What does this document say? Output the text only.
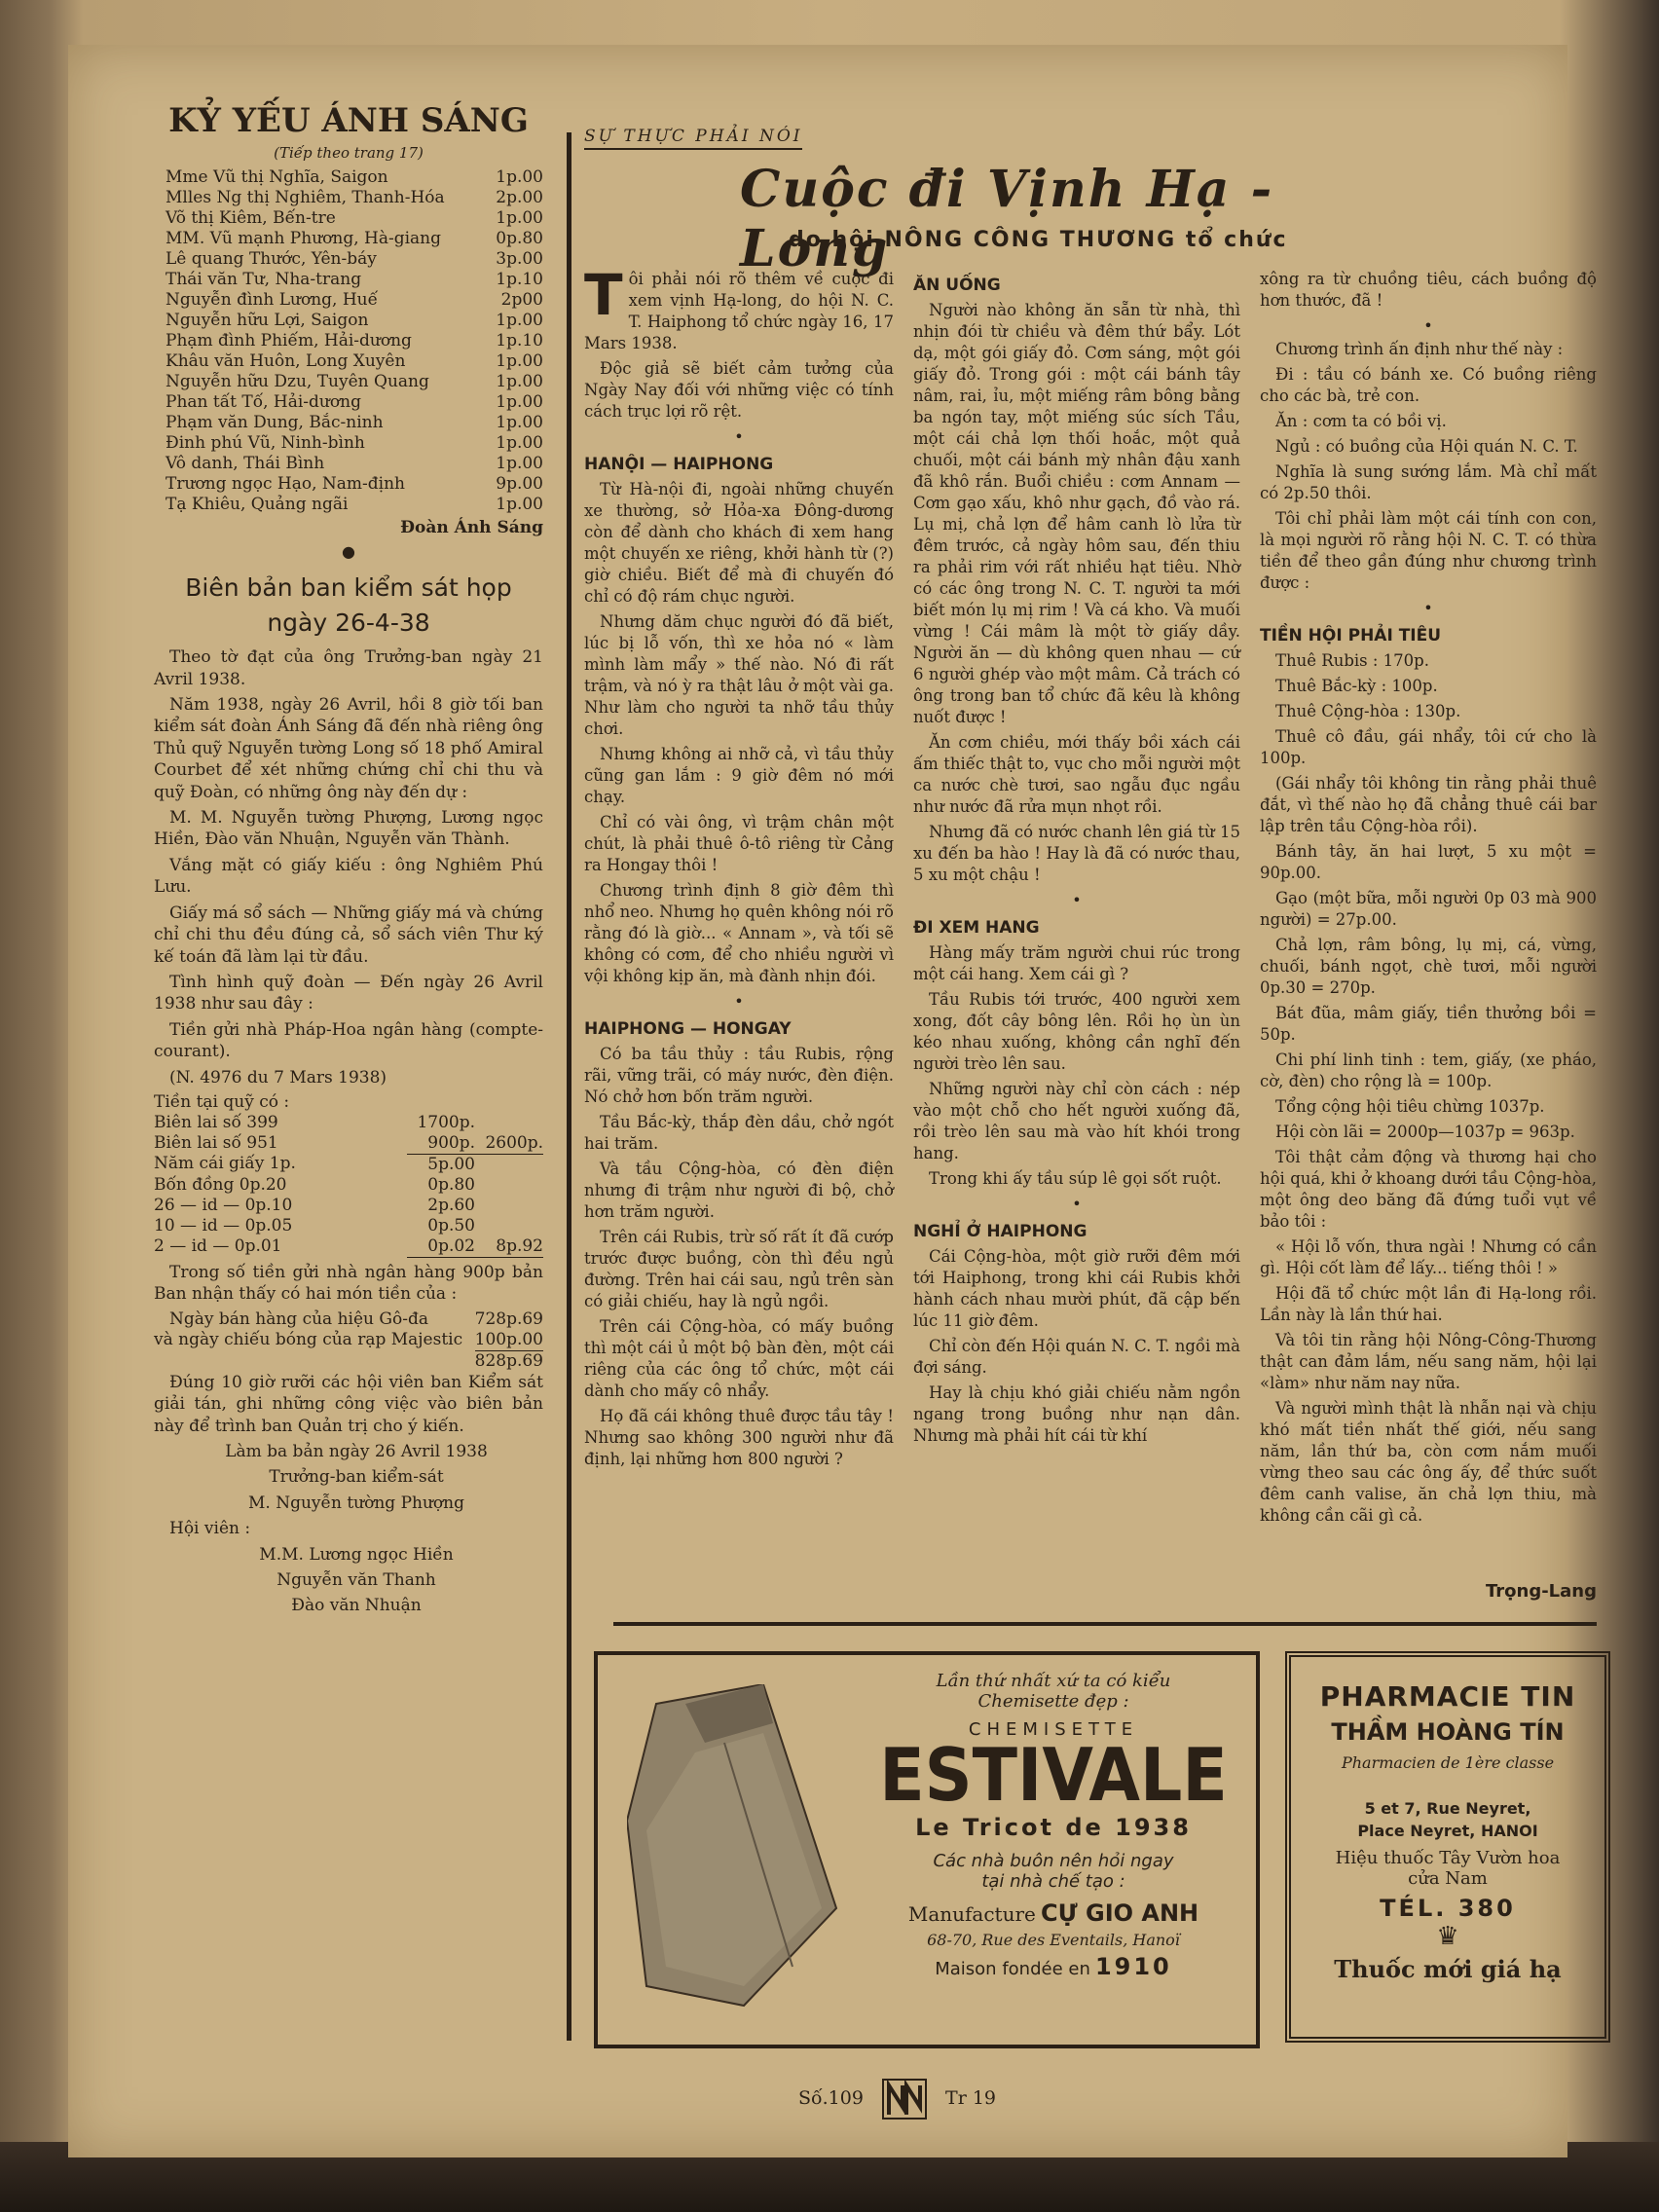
KỶ YẾU ÁNH SÁNG
(Tiếp theo trang 17)
Mme Vũ thị Nghĩa, Saigon	1p.00
Mlles Ng thị Nghiêm, Thanh-Hóa	2p.00
Võ thị Kiêm, Bến-tre	1p.00
MM. Vũ mạnh Phương, Hà-giang	0p.80
Lê quang Thước, Yên-báy	3p.00
Thái văn Tư, Nha-trang	1p.10
Nguyễn đình Lương, Huế	2p00
Nguyễn hữu Lợi, Saigon	1p.00
Phạm đình Phiếm, Hải-dương	1p.10
Khâu văn Huôn, Long Xuyên	1p.00
Nguyễn hữu Dzu, Tuyên Quang	1p.00
Phan tất Tố, Hải-dương	1p.00
Phạm văn Dung, Bắc-ninh	1p.00
Đinh phú Vũ, Ninh-bình	1p.00
Vô danh, Thái Bình	1p.00
Trương ngọc Hạo, Nam-định	9p.00
Tạ Khiêu, Quảng ngãi	1p.00
Đoàn Ánh Sáng
●
Biên bản ban kiểm sát họp ngày 26-4-38

Theo tờ đạt của ông Trưởng-ban ngày 21 Avril 1938.

Năm 1938, ngày 26 Avril, hồi 8 giờ tối ban kiểm sát đoàn Ánh Sáng đã đến nhà riêng ông Thủ quỹ Nguyễn tường Long số 18 phố Amiral Courbet để xét những chứng chỉ chi thu và quỹ Đoàn, có những ông này đến dự :

M. M. Nguyễn tường Phượng, Lương ngọc Hiền, Đào văn Nhuận, Nguyễn văn Thành.

Vắng mặt có giấy kiếu : ông Nghiêm Phú Lưu.

Giấy má sổ sách — Những giấy má và chứng chỉ chi thu đều đúng cả, sổ sách viên Thư ký kế toán đã làm lại từ đầu.

Tình hình quỹ đoàn — Đến ngày 26 Avril 1938 như sau đây :

Tiền gửi nhà Pháp-Hoa ngân hàng (compte-courant).

(N. 4976 du 7 Mars 1938)

Tiền tại quỹ có :		
Biên lai số 399	1700p.	
Biên lai số 951	900p.	2600p.
Năm cái giấy 1p.	5p.00	
Bốn đồng 0p.20	0p.80	
26 — id — 0p.10	2p.60	
10 — id — 0p.05	0p.50	
2 — id — 0p.01	0p.02	8p.92

Trong số tiền gửi nhà ngân hàng 900p bản Ban nhận thấy có hai món tiền của :

Ngày bán hàng của hiệu Gô-đa	728p.69
và ngày chiếu bóng của rạp Majestic	100p.00
	828p.69

Đúng 10 giờ rưỡi các hội viên ban Kiểm sát giải tán, ghi những công việc vào biên bản này để trình ban Quản trị cho ý kiến.

Làm ba bản ngày 26 Avril 1938

Trưởng-ban kiểm-sát

M. Nguyễn tường Phượng

Hội viên :

M.M. Lương ngọc Hiền

Nguyễn văn Thanh

Đào văn Nhuận

SỰ THỰC PHẢI NÓI
Cuộc đi Vịnh Hạ - Long
do hội NÔNG CÔNG THƯƠNG tổ chức

Tôi phải nói rõ thêm về cuộc đi xem vịnh Hạ-long, do hội N. C. T. Haiphong tổ chức ngày 16, 17 Mars 1938.

Độc giả sẽ biết cảm tưởng của Ngày Nay đối với những việc có tính cách trục lợi rõ rệt.

•
HANỘI — HAIPHONG

Từ Hà-nội đi, ngoài những chuyến xe thường, sở Hỏa-xa Đông-dương còn để dành cho khách đi xem hang một chuyến xe riêng, khởi hành từ (?) giờ chiều. Biết để mà đi chuyến đó chỉ có độ rám chục người.

Nhưng dăm chục người đó đã biết, lúc bị lỗ vốn, thì xe hỏa nó « làm mình làm mẩy » thế nào. Nó đi rất trậm, và nó ỳ ra thật lâu ở một vài ga. Như làm cho người ta nhỡ tầu thủy chơi.

Nhưng không ai nhỡ cả, vì tầu thủy cũng gan lắm : 9 giờ đêm nó mới chạy.

Chỉ có vài ông, vì trậm chân một chút, là phải thuê ô-tô riêng từ Cảng ra Hongay thôi !

Chương trình định 8 giờ đêm thì nhổ neo. Nhưng họ quên không nói rõ rằng đó là giờ... « Annam », và tối sẽ không có cơm, để cho nhiều người vì vội không kịp ăn, mà đành nhịn đói.

•
HAIPHONG — HONGAY

Có ba tầu thủy : tầu Rubis, rộng rãi, vững trãi, có máy nước, đèn điện. Nó chở hơn bốn trăm người.

Tầu Bắc-kỳ, thắp đèn dầu, chở ngót hai trăm.

Và tầu Cộng-hòa, có đèn điện nhưng đi trậm như người đi bộ, chở hơn trăm người.

Trên cái Rubis, trừ số rất ít đã cướp trước được buồng, còn thì đều ngủ đường. Trên hai cái sau, ngủ trên sàn có giải chiếu, hay là ngủ ngồi.

Trên cái Cộng-hòa, có mấy buồng thì một cái ủ một bộ bàn đèn, một cái riêng của các ông tổ chức, một cái dành cho mấy cô nhẩy.

Họ đã cái không thuê được tầu tây ! Nhưng sao không 300 người như đã định, lại những hơn 800 người ?

ĂN UỐNG

Người nào không ăn sẵn từ nhà, thì nhịn đói từ chiều và đêm thứ bẩy. Lót dạ, một gói giấy đỏ. Cơm sáng, một gói giấy đỏ. Trong gói : một cái bánh tây nâm, rai, ỉu, một miếng râm bông bằng ba ngón tay, một miếng súc sích Tầu, một cái chả lợn thối hoắc, một quả chuối, một cái bánh mỳ nhân đậu xanh đã khô rắn. Buổi chiều : cơm Annam — Cơm gạo xấu, khô như gạch, đồ vào rá. Lụ mị, chả lợn để hâm canh lò lửa từ đêm trước, cả ngày hôm sau, đến thiu ra phải rim với rất nhiều hạt tiêu. Nhờ có các ông trong N. C. T. người ta mới biết món lụ mị rim ! Và cá kho. Và muối vừng ! Cái mâm là một tờ giấy dầy. Người ăn — dù không quen nhau — cứ 6 người ghép vào một mâm. Cả trách có ông trong ban tổ chức đã kêu là không nuốt được !

Ăn cơm chiều, mới thấy bồi xách cái ấm thiếc thật to, vục cho mỗi người một ca nước chè tươi, sao ngẫu đục ngầu như nước đã rửa mụn nhọt rồi.

Nhưng đã có nước chanh lên giá từ 15 xu đến ba hào ! Hay là đã có nước thau, 5 xu một chậu !

•
ĐI XEM HANG

Hàng mấy trăm người chui rúc trong một cái hang. Xem cái gì ?

Tầu Rubis tới trước, 400 người xem xong, đốt cây bông lên. Rồi họ ùn ùn kéo nhau xuống, không cần nghĩ đến người trèo lên sau.

Những người này chỉ còn cách : nép vào một chỗ cho hết người xuống đã, rồi trèo lên sau mà vào hít khói trong hang.

Trong khi ấy tầu súp lê gọi sốt ruột.

•
NGHỈ Ở HAIPHONG

Cái Cộng-hòa, một giờ rưỡi đêm mới tới Haiphong, trong khi cái Rubis khởi hành cách nhau mười phút, đã cập bến lúc 11 giờ đêm.

Chỉ còn đến Hội quán N. C. T. ngồi mà đợi sáng.

Hay là chịu khó giải chiếu nằm ngồn ngang trong buồng như nạn dân. Nhưng mà phải hít cái từ khí

xông ra từ chuồng tiêu, cách buồng độ hơn thước, đã !

•

Chương trình ấn định như thế này :

Đi : tầu có bánh xe. Có buồng riêng cho các bà, trẻ con.

Ăn : cơm ta có bồi vị.

Ngủ : có buồng của Hội quán N. C. T.

Nghĩa là sung sướng lắm. Mà chỉ mất có 2p.50 thôi.

Tôi chỉ phải làm một cái tính con con, là mọi người rõ rằng hội N. C. T. có thừa tiền để theo gần đúng như chương trình được :

•
TIỀN HỘI PHẢI TIÊU

Thuê Rubis : 170p.

Thuê Bắc-kỳ : 100p.

Thuê Cộng-hòa : 130p.

Thuê cô đầu, gái nhẩy, tôi cứ cho là 100p.

(Gái nhẩy tôi không tin rằng phải thuê đắt, vì thế nào họ đã chẳng thuê cái bar lập trên tầu Cộng-hòa rồi).

Bánh tây, ăn hai lượt, 5 xu một = 90p.00.

Gạo (một bữa, mỗi người 0p 03 mà 900 người) = 27p.00.

Chả lợn, râm bông, lụ mị, cá, vừng, chuối, bánh ngọt, chè tươi, mỗi người 0p.30 = 270p.

Bát đũa, mâm giấy, tiền thưởng bồi = 50p.

Chi phí linh tinh : tem, giấy, (xe pháo, cờ, đèn) cho rộng là = 100p.

Tổng cộng hội tiêu chừng 1037p.

Hội còn lãi = 2000p—1037p = 963p.

Tôi thật cảm động và thương hại cho hội quá, khi ở khoang dưới tầu Cộng-hòa, một ông deo băng đã đứng tuổi vụt về bảo tôi :

« Hội lỗ vốn, thưa ngài ! Nhưng có cần gì. Hội cốt làm để lấy... tiếng thôi ! »

Hội đã tổ chức một lần đi Hạ-long rồi. Lần này là lần thứ hai.

Và tôi tin rằng hội Nông-Công-Thương thật can đảm lắm, nếu sang năm, hội lại «làm» như năm nay nữa.

Và người mình thật là nhẫn nại và chịu khó mất tiền nhất thế giới, nếu sang năm, lần thứ ba, còn cơm nắm muối vừng theo sau các ông ấy, để thức suốt đêm canh valise, ăn chả lợn thiu, mà không cần cãi gì cả.

Trọng-Lang
Lần thứ nhất xứ ta có kiểu
Chemisette đẹp :
CHEMISETTE
ESTIVALE
Le Tricot de 1938
Các nhà buôn nên hỏi ngay
tại nhà chế tạo :
Manufacture CỰ GIO ANH
68-70, Rue des Eventails, Hanoï
Maison fondée en 1910
PHARMACIE TIN
THẦM HOÀNG TÍN
Pharmacien de 1ère classe
5 et 7, Rue Neyret,
Place Neyret, HANOI
Hiệu thuốc Tây Vườn hoa
cửa Nam
TÉL. 380
♛
Thuốc mới giá hạ
Số.109	Tr 19
